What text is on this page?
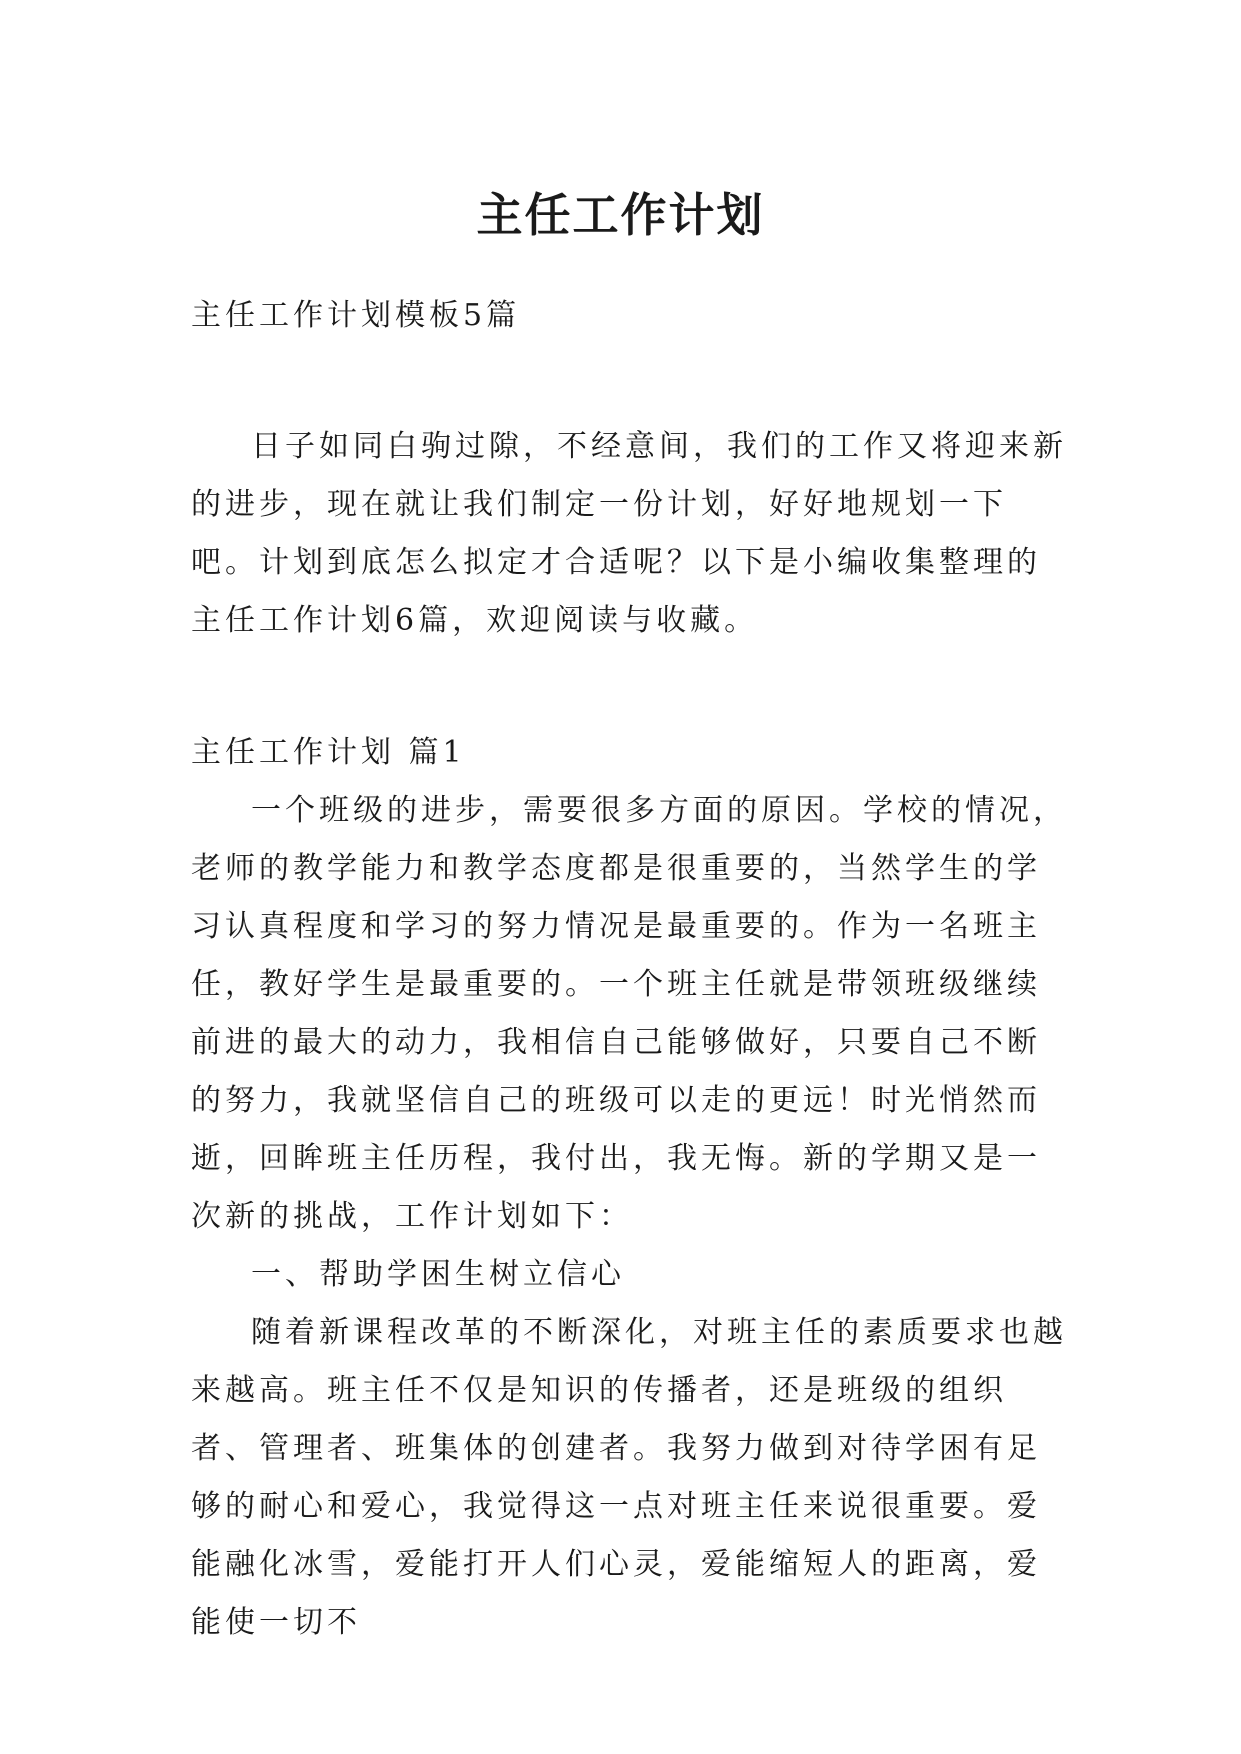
主任工作计划

主任工作计划模板5篇

日子如同白驹过隙，不经意间，我们的工作又将迎来新的进步，现在就让我们制定一份计划，好好地规划一下吧。计划到底怎么拟定才合适呢？以下是小编收集整理的主任工作计划6篇，欢迎阅读与收藏。

主任工作计划 篇1

一个班级的进步，需要很多方面的原因。学校的情况，老师的教学能力和教学态度都是很重要的，当然学生的学习认真程度和学习的努力情况是最重要的。作为一名班主任，教好学生是最重要的。一个班主任就是带领班级继续前进的最大的动力，我相信自己能够做好，只要自己不断的努力，我就坚信自己的班级可以走的更远！时光悄然而逝，回眸班主任历程，我付出，我无悔。新的学期又是一次新的挑战，工作计划如下：

一、帮助学困生树立信心

随着新课程改革的不断深化，对班主任的素质要求也越来越高。班主任不仅是知识的传播者，还是班级的组织者、管理者、班集体的创建者。我努力做到对待学困有足够的耐心和爱心，我觉得这一点对班主任来说很重要。爱能融化冰雪，爱能打开人们心灵，爱能缩短人的距离，爱能使一切不
